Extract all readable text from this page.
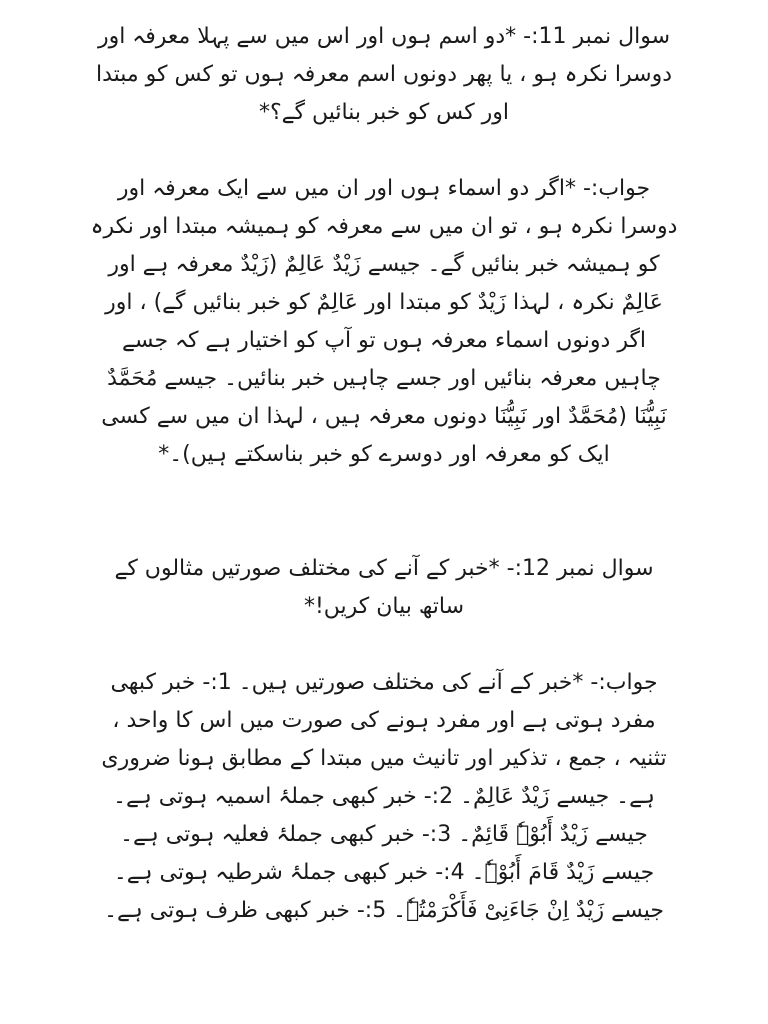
سوال نمبر 11:- *دو اسم ہوں اور اس میں سے پہلا معرفہ اور

دوسرا نکرہ ہو ، یا پھر دونوں اسم معرفہ ہوں تو کس کو مبتدا

اور کس کو خبر بنائیں گے؟*

جواب:- *اگر دو اسماء ہوں اور ان میں سے ایک معرفہ اور

دوسرا نکرہ ہو ، تو ان میں سے معرفہ کو ہمیشہ مبتدا اور نکرہ

کو ہمیشہ خبر بنائیں گے۔ جیسے زَیْدٌ عَالِمٌ (زَیْدٌ معرفہ ہے اور

عَالِمٌ نکرہ ، لہذا زَیْدٌ کو مبتدا اور عَالِمٌ کو خبر بنائیں گے) ، اور

اگر دونوں اسماء معرفہ ہوں تو آپ کو اختیار ہے کہ جسے

چاہیں معرفہ بنائیں اور جسے چاہیں خبر بنائیں۔ جیسے مُحَمَّدٌ

نَبِیُّنَا (مُحَمَّدٌ اور نَبِیُّنَا دونوں معرفہ ہیں ، لہذا ان میں سے کسی

ایک کو معرفہ اور دوسرے کو خبر بناسکتے ہیں)۔*

سوال نمبر 12:- *خبر کے آنے کی مختلف صورتیں مثالوں کے

ساتھ بیان کریں!*

جواب:- *خبر کے آنے کی مختلف صورتیں ہیں۔ 1:- خبر کبھی

مفرد ہوتی ہے اور مفرد ہونے کی صورت میں اس کا واحد ،

تثنیہ ، جمع ، تذکیر اور تانیث میں مبتدا کے مطابق ہونا ضروری

ہے۔ جیسے زَیْدٌ عَالِمٌ۔ 2:- خبر کبھی جملۂ اسمیہ ہوتی ہے۔

جیسے زَیْدٌ أَبُوْہٗ قَائِمٌ۔ 3:- خبر کبھی جملۂ فعلیہ ہوتی ہے۔

جیسے زَیْدٌ قَامَ أَبُوْہٗ۔ 4:- خبر کبھی جملۂ شرطیہ ہوتی ہے۔

جیسے زَیْدٌ اِنْ جَاءَنِیْ فَأَکْرَمْتُہٗ۔ 5:- خبر کبھی ظرف ہوتی ہے۔
